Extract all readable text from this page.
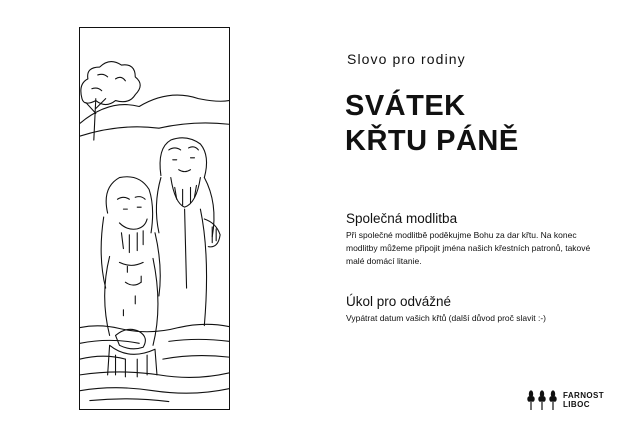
Slovo pro rodiny
SVÁTEK
KŘTU PÁNĚ
Společná modlitba

Při společné modlitbě poděkujme Bohu za dar křtu. Na konec modlitby můžeme připojit jména našich křestních patronů, takové malé domácí litanie.

Úkol pro odvážné

Vypátrat datum vašich křtů (další důvod proč slavit :-)

FARNOST
LIBOC
